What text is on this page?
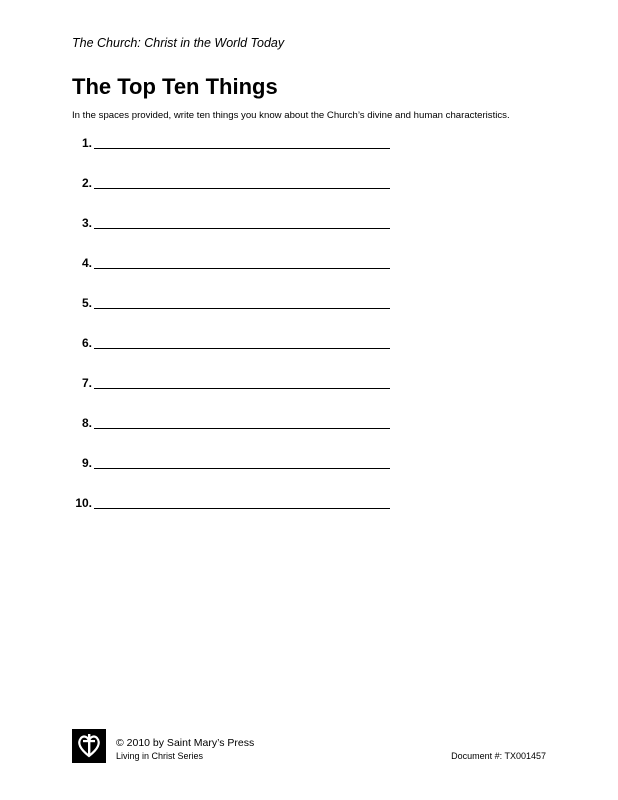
The Church: Christ in the World Today
The Top Ten Things
In the spaces provided, write ten things you know about the Church’s divine and human characteristics.
1.
2.
3.
4.
5.
6.
7.
8.
9.
10.
© 2010 by Saint Mary’s Press
Living in Christ Series	Document #: TX001457
